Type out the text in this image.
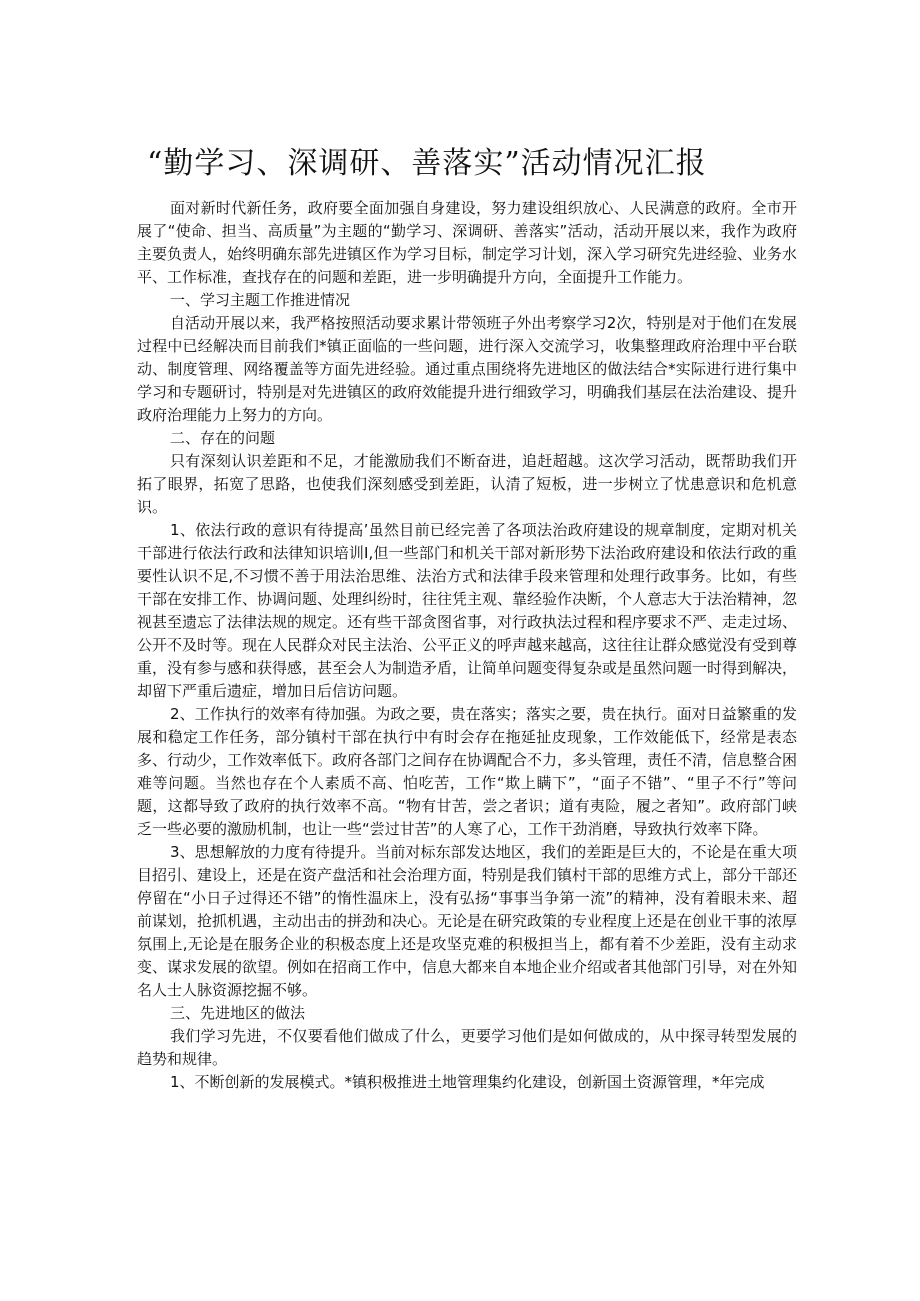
“勤学习、深调研、善落实”活动情况汇报

面对新时代新任务，政府要全面加强自身建设，努力建设组织放心、人民满意的政府。全市开展了“使命、担当、高质量”为主题的“勤学习、深调研、善落实”活动，活动开展以来，我作为政府主要负责人，始终明确东部先进镇区作为学习目标，制定学习计划，深入学习研究先进经验、业务水平、工作标准，查找存在的问题和差距，进一步明确提升方向，全面提升工作能力。

一、学习主题工作推进情况

自活动开展以来，我严格按照活动要求累计带领班子外出考察学习2次，特别是对于他们在发展过程中已经解决而目前我们*镇正面临的一些问题，进行深入交流学习，收集整理政府治理中平台联动、制度管理、网络覆盖等方面先进经验。通过重点围绕将先进地区的做法结合*实际进行进行集中学习和专题研讨，特别是对先进镇区的政府效能提升进行细致学习，明确我们基层在法治建设、提升政府治理能力上努力的方向。

二、存在的问题

只有深刻认识差距和不足，才能激励我们不断奋进，追赶超越。这次学习活动，既帮助我们开拓了眼界，拓宽了思路，也使我们深刻感受到差距，认清了短板，进一步树立了忧患意识和危机意识。

1、依法行政的意识有待提高’虽然目前已经完善了各项法治政府建设的规章制度，定期对机关干部进行依法行政和法律知识培训I,但一些部门和机关干部对新形势下法治政府建设和依法行政的重要性认识不足,不习惯不善于用法治思维、法治方式和法律手段来管理和处理行政事务。比如，有些干部在安排工作、协调问题、处理纠纷时，往往凭主观、靠经验作决断，个人意志大于法治精神，忽视甚至遗忘了法律法规的规定。还有些干部贪图省事，对行政执法过程和程序要求不严、走走过场、公开不及时等。现在人民群众对民主法治、公平正义的呼声越来越高，这往往让群众感觉没有受到尊重，没有参与感和获得感，甚至会人为制造矛盾，让简单问题变得复杂或是虽然问题一时得到解决，却留下严重后遗症，增加日后信访问题。

2、工作执行的效率有待加强。为政之要，贵在落实；落实之要，贵在执行。面对日益繁重的发展和稳定工作任务，部分镇村干部在执行中有时会存在拖延扯皮现象，工作效能低下，经常是表态多、行动少，工作效率低下。政府各部门之间存在协调配合不力，多头管理，责任不清，信息整合困难等问题。当然也存在个人素质不高、怕吃苦，工作“欺上瞒下”，“面子不错”、“里子不行”等问题，这都导致了政府的执行效率不高。“物有甘苦，尝之者识；道有夷险，履之者知”。政府部门峡乏一些必要的激励机制，也让一些“尝过甘苦”的人寒了心，工作干劲消磨，导致执行效率下降。

3、思想解放的力度有待提升。当前对标东部发达地区，我们的差距是巨大的，不论是在重大项目招引、建设上，还是在资产盘活和社会治理方面，特别是我们镇村干部的思维方式上，部分干部还停留在“小日子过得还不错”的惰性温床上，没有弘扬“事事当争第一流”的精神，没有着眼未来、超前谋划，抢抓机遇，主动出击的拼劲和决心。无论是在研究政策的专业程度上还是在创业干事的浓厚氛围上,无论是在服务企业的积极态度上还是攻坚克难的积极担当上，都有着不少差距，没有主动求变、谋求发展的欲望。例如在招商工作中，信息大都来自本地企业介绍或者其他部门引导，对在外知名人士人脉资源挖掘不够。

三、先进地区的做法

我们学习先进，不仅要看他们做成了什么，更要学习他们是如何做成的，从中探寻转型发展的趋势和规律。

1、不断创新的发展模式。*镇积极推进土地管理集约化建设，创新国土资源管理，*年完成
